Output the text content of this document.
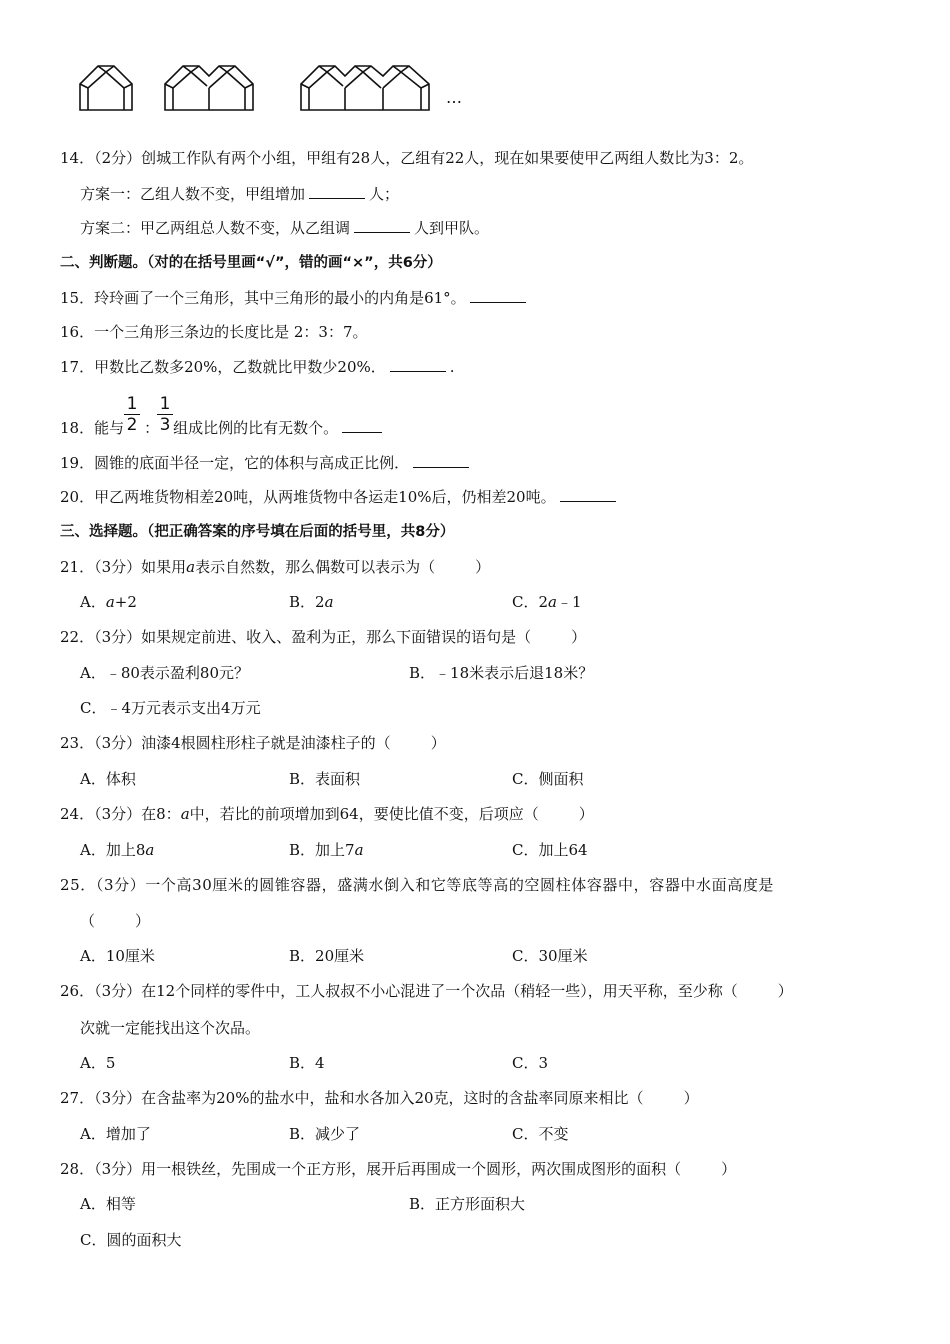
…
14．（2分）创城工作队有两个小组，甲组有28人，乙组有22人，现在如果要使甲乙两组人数比为3：2。
方案一：乙组人数不变，甲组增加	人；
方案二：甲乙两组总人数不变，从乙组调	人到甲队。
二、判断题。（对的在括号里画“√”，错的画“×”，共6分）
15．玲玲画了一个三角形，其中三角形的最小的内角是61°。
16．一个三角形三条边的长度比是 2：3：7。
17．甲数比乙数多20%，乙数就比甲数少20%．	.
18．能与 ： 组成比例的比有无数个。
$\frac{1}{2} \frac{1}{3}$
19．圆锥的底面半径一定，它的体积与高成正比例．
20．甲乙两堆货物相差20吨，从两堆货物中各运走10%后，仍相差20吨。
三、选择题。（把正确答案的序号填在后面的括号里，共8分）
21．（3分）如果用a表示自然数，那么偶数可以表示为（	）
A．a+2	B．2a	C．2a﹣1
22．（3分）如果规定前进、收入、盈利为正，那么下面错误的语句是（	）
A．﹣80表示盈利80元？	B．﹣18米表示后退18米？
C．﹣4万元表示支出4万元
23．（3分）油漆4根圆柱形柱子就是油漆柱子的（	）
A．体积	B．表面积	C．侧面积
24．（3分）在8：a中，若比的前项增加到64，要使比值不变，后项应（	）
A．加上8a	B．加上7a	C．加上64
25．（3分）一个高30厘米的圆锥容器，盛满水倒入和它等底等高的空圆柱体容器中，容器中水面高度是
（	）
A．10厘米	B．20厘米	C．30厘米
26．（3分）在12个同样的零件中，工人叔叔不小心混进了一个次品（稍轻一些），用天平称，至少称（	）
次就一定能找出这个次品。
A．5	B．4	C．3
27．（3分）在含盐率为20%的盐水中，盐和水各加入20克，这时的含盐率同原来相比（	）
A．增加了	B．减少了	C．不变
28．（3分）用一根铁丝，先围成一个正方形，展开后再围成一个圆形，两次围成图形的面积（	）
A．相等	B．正方形面积大
C．圆的面积大
